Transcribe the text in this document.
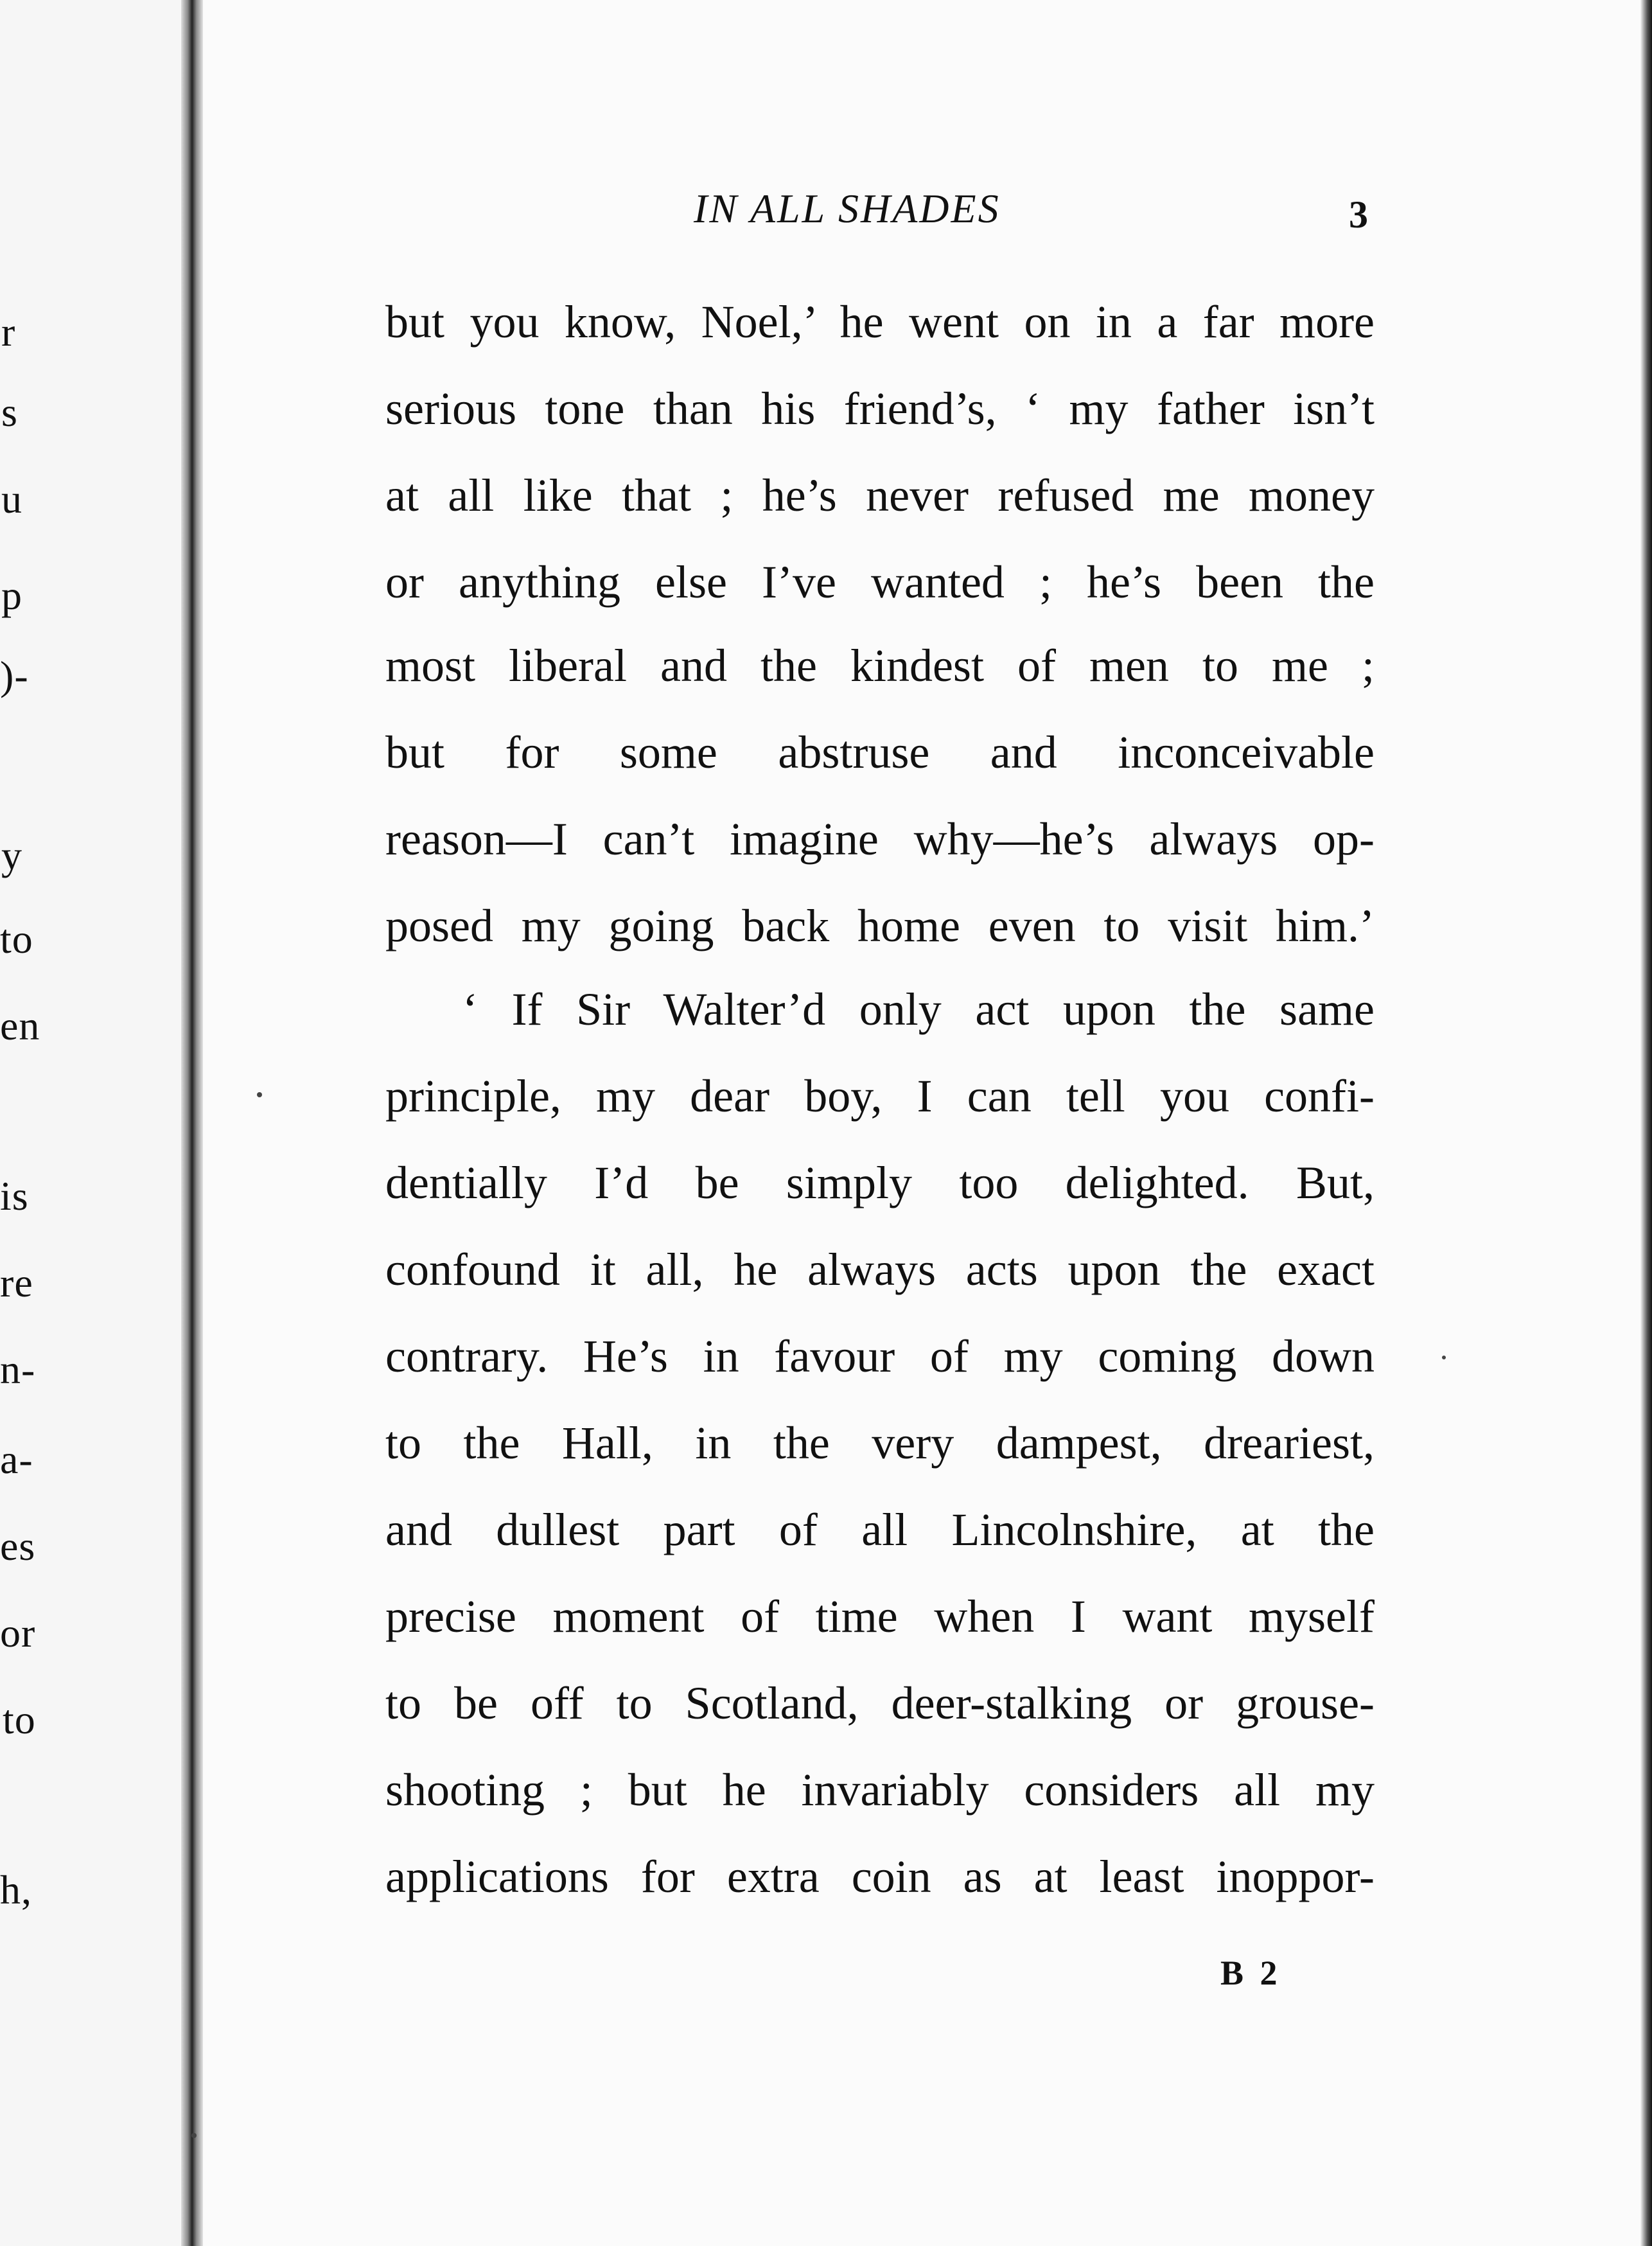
r
s
u
p
)-
y
to
en
is
re
n-
a-
es
or
to
h,
IN ALL SHADES	3
but you know, Noel,’ he went on in a far more
serious tone than his friend’s, ‘ my father isn’t
at all like that ; he’s never refused me money
or anything else I’ve wanted ; he’s been the
most liberal and the kindest of men to me ;
but for some abstruse and inconceivable
reason—I can’t imagine why—he’s always op-
posed my going back home even to visit him.’
‘ If Sir Walter’d only act upon the same
principle, my dear boy, I can tell you confi-
dentially I’d be simply too delighted. But,
confound it all, he always acts upon the exact
contrary. He’s in favour of my coming down
to the Hall, in the very dampest, dreariest,
and dullest part of all Lincolnshire, at the
precise moment of time when I want myself
to be off to Scotland, deer-stalking or grouse-
shooting ; but he invariably considers all my
applications for extra coin as at least inoppor-
B 2
